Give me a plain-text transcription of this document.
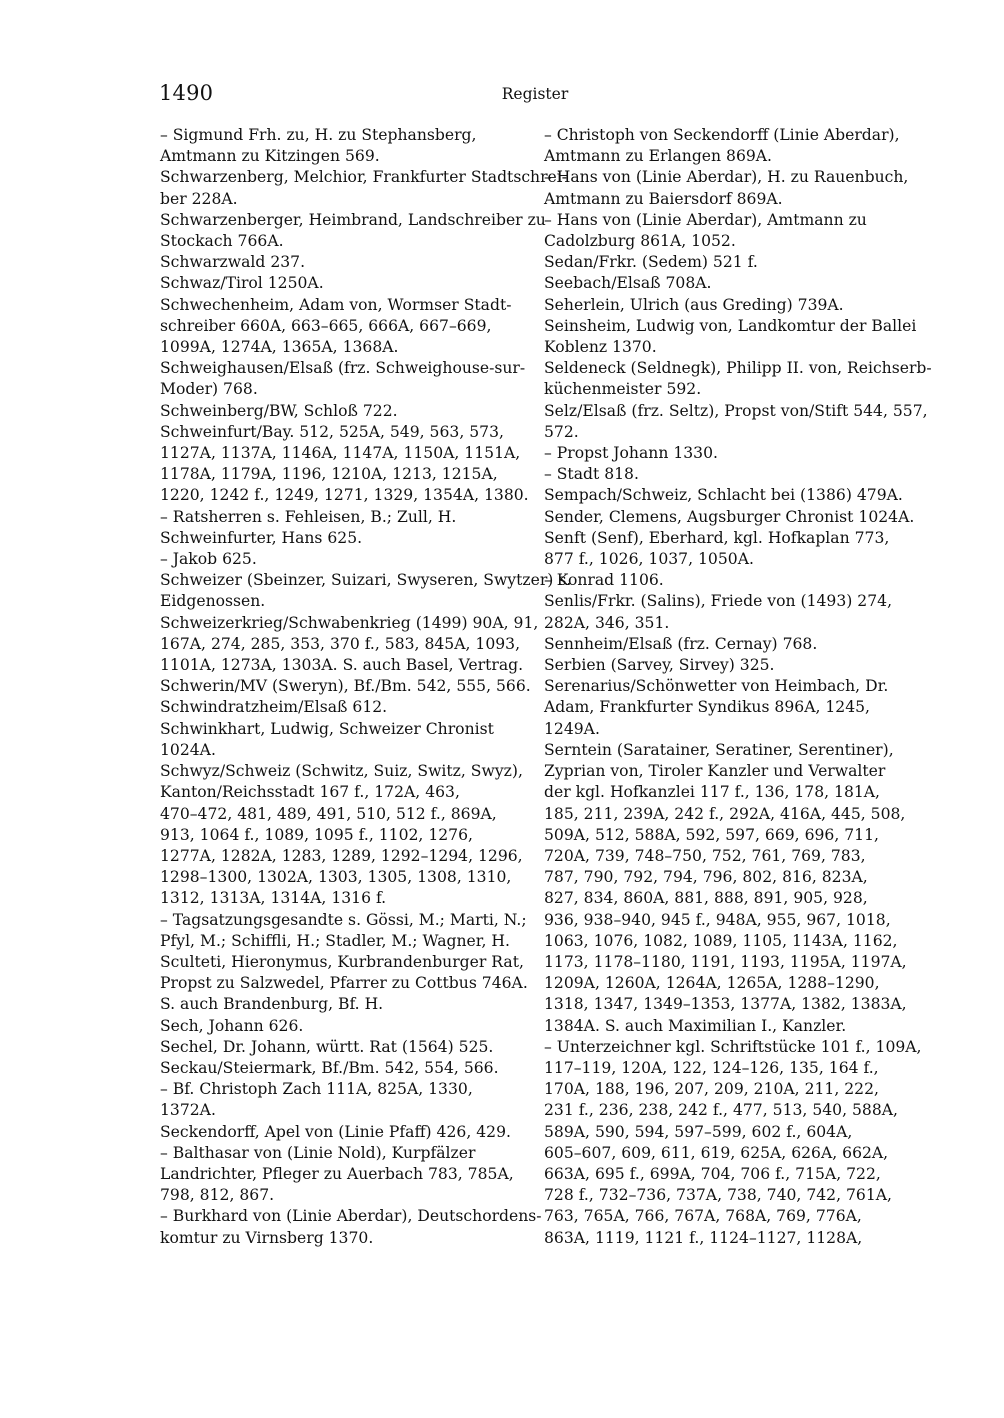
1490	Register
– Sigmund Frh. zu, H. zu Stephansberg,
Amtmann zu Kitzingen 569.
Schwarzenberg, Melchior, Frankfurter Stadtschrei-
ber 228A.
Schwarzenberger, Heimbrand, Landschreiber zu
Stockach 766A.
Schwarzwald 237.
Schwaz/Tirol 1250A.
Schwechenheim, Adam von, Wormser Stadt-
schreiber 660A, 663–665, 666A, 667–669,
1099A, 1274A, 1365A, 1368A.
Schweighausen/Elsaß (frz. Schweighouse-sur-
Moder) 768.
Schweinberg/BW, Schloß 722.
Schweinfurt/Bay. 512, 525A, 549, 563, 573,
1127A, 1137A, 1146A, 1147A, 1150A, 1151A,
1178A, 1179A, 1196, 1210A, 1213, 1215A,
1220, 1242 f., 1249, 1271, 1329, 1354A, 1380.
– Ratsherren s. Fehleisen, B.; Zull, H.
Schweinfurter, Hans 625.
– Jakob 625.
Schweizer (Sbeinzer, Suizari, Swyseren, Swytzer) s.
Eidgenossen.
Schweizerkrieg/Schwabenkrieg (1499) 90A, 91,
167A, 274, 285, 353, 370 f., 583, 845A, 1093,
1101A, 1273A, 1303A. S. auch Basel, Vertrag.
Schwerin/MV (Sweryn), Bf./Bm. 542, 555, 566.
Schwindratzheim/Elsaß 612.
Schwinkhart, Ludwig, Schweizer Chronist
1024A.
Schwyz/Schweiz (Schwitz, Suiz, Switz, Swyz),
Kanton/Reichsstadt 167 f., 172A, 463,
470–472, 481, 489, 491, 510, 512 f., 869A,
913, 1064 f., 1089, 1095 f., 1102, 1276,
1277A, 1282A, 1283, 1289, 1292–1294, 1296,
1298–1300, 1302A, 1303, 1305, 1308, 1310,
1312, 1313A, 1314A, 1316 f.
– Tagsatzungsgesandte s. Gössi, M.; Marti, N.;
Pfyl, M.; Schiffli, H.; Stadler, M.; Wagner, H.
Sculteti, Hieronymus, Kurbrandenburger Rat,
Propst zu Salzwedel, Pfarrer zu Cottbus 746A.
S. auch Brandenburg, Bf. H.
Sech, Johann 626.
Sechel, Dr. Johann, württ. Rat (1564) 525.
Seckau/Steiermark, Bf./Bm. 542, 554, 566.
– Bf. Christoph Zach 111A, 825A, 1330,
1372A.
Seckendorff, Apel von (Linie Pfaff) 426, 429.
– Balthasar von (Linie Nold), Kurpfälzer
Landrichter, Pfleger zu Auerbach 783, 785A,
798, 812, 867.
– Burkhard von (Linie Aberdar), Deutschordens-
komtur zu Virnsberg 1370.
– Christoph von Seckendorff (Linie Aberdar),
Amtmann zu Erlangen 869A.
– Hans von (Linie Aberdar), H. zu Rauenbuch,
Amtmann zu Baiersdorf 869A.
– Hans von (Linie Aberdar), Amtmann zu
Cadolzburg 861A, 1052.
Sedan/Frkr. (Sedem) 521 f.
Seebach/Elsaß 708A.
Seherlein, Ulrich (aus Greding) 739A.
Seinsheim, Ludwig von, Landkomtur der Ballei
Koblenz 1370.
Seldeneck (Seldnegk), Philipp II. von, Reichserb-
küchenmeister 592.
Selz/Elsaß (frz. Seltz), Propst von/Stift 544, 557,
572.
– Propst Johann 1330.
– Stadt 818.
Sempach/Schweiz, Schlacht bei (1386) 479A.
Sender, Clemens, Augsburger Chronist 1024A.
Senft (Senf), Eberhard, kgl. Hofkaplan 773,
877 f., 1026, 1037, 1050A.
– Konrad 1106.
Senlis/Frkr. (Salins), Friede von (1493) 274,
282A, 346, 351.
Sennheim/Elsaß (frz. Cernay) 768.
Serbien (Sarvey, Sirvey) 325.
Serenarius/Schönwetter von Heimbach, Dr.
Adam, Frankfurter Syndikus 896A, 1245,
1249A.
Serntein (Saratainer, Seratiner, Serentiner),
Zyprian von, Tiroler Kanzler und Verwalter
der kgl. Hofkanzlei 117 f., 136, 178, 181A,
185, 211, 239A, 242 f., 292A, 416A, 445, 508,
509A, 512, 588A, 592, 597, 669, 696, 711,
720A, 739, 748–750, 752, 761, 769, 783,
787, 790, 792, 794, 796, 802, 816, 823A,
827, 834, 860A, 881, 888, 891, 905, 928,
936, 938–940, 945 f., 948A, 955, 967, 1018,
1063, 1076, 1082, 1089, 1105, 1143A, 1162,
1173, 1178–1180, 1191, 1193, 1195A, 1197A,
1209A, 1260A, 1264A, 1265A, 1288–1290,
1318, 1347, 1349–1353, 1377A, 1382, 1383A,
1384A. S. auch Maximilian I., Kanzler.
– Unterzeichner kgl. Schriftstücke 101 f., 109A,
117–119, 120A, 122, 124–126, 135, 164 f.,
170A, 188, 196, 207, 209, 210A, 211, 222,
231 f., 236, 238, 242 f., 477, 513, 540, 588A,
589A, 590, 594, 597–599, 602 f., 604A,
605–607, 609, 611, 619, 625A, 626A, 662A,
663A, 695 f., 699A, 704, 706 f., 715A, 722,
728 f., 732–736, 737A, 738, 740, 742, 761A,
763, 765A, 766, 767A, 768A, 769, 776A,
863A, 1119, 1121 f., 1124–1127, 1128A,
